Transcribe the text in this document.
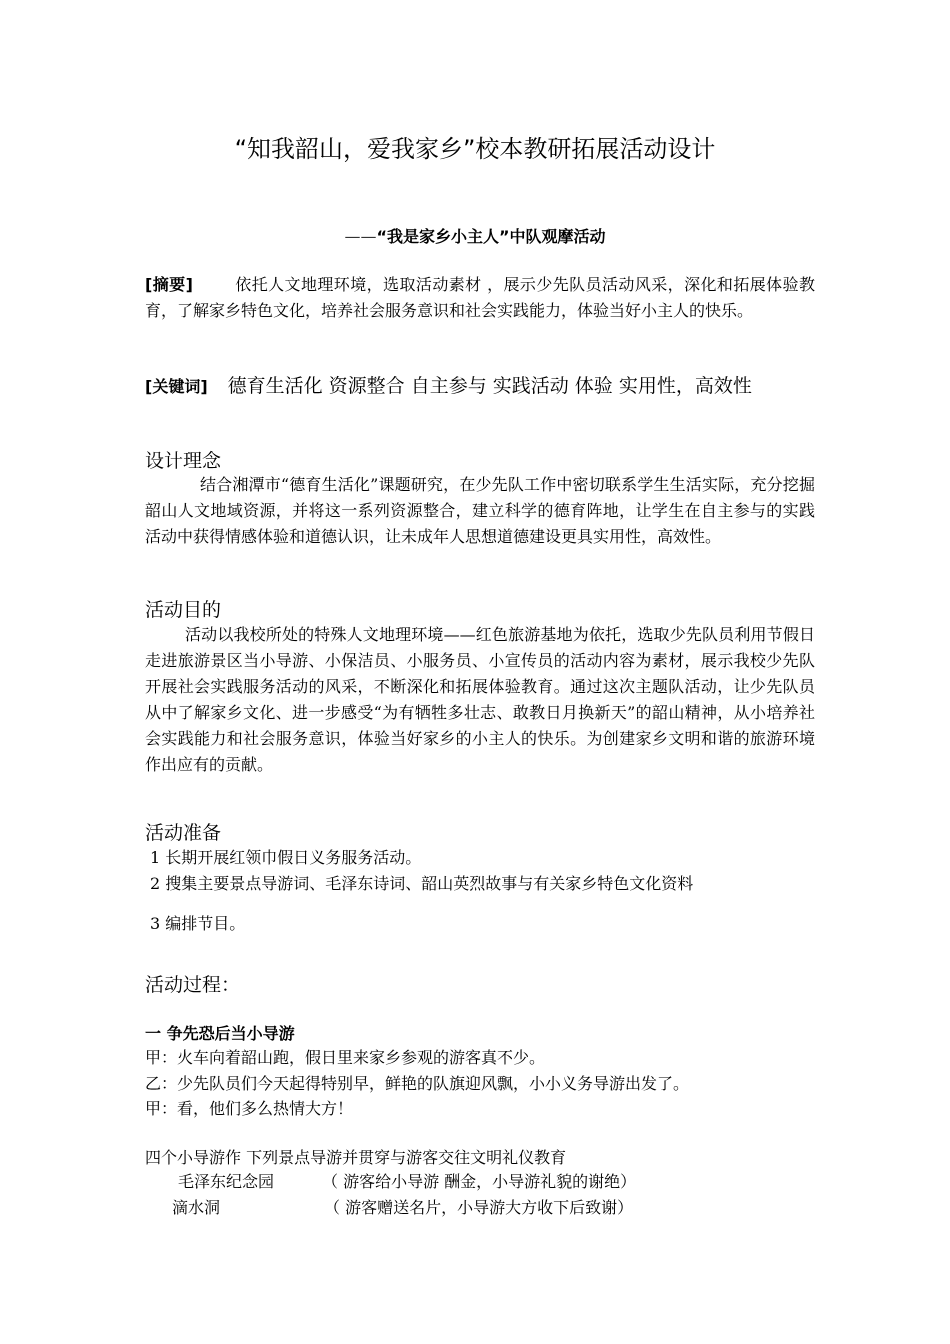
“知我韶山，爱我家乡”校本教研拓展活动设计
——“我是家乡小主人”中队观摩活动

[摘要]	依托人文地理环境，选取活动素材 ，展示少先队员活动风采，深化和拓展体验教育，了解家乡特色文化，培养社会服务意识和社会实践能力，体验当好小主人的快乐。

[关键词] 德育生活化 资源整合 自主参与 实践活动 体验 实用性，高效性

设计理念

结合湘潭市“德育生活化”课题研究，在少先队工作中密切联系学生生活实际，充分挖掘韶山人文地域资源，并将这一系列资源整合，建立科学的德育阵地，让学生在自主参与的实践活动中获得情感体验和道德认识，让未成年人思想道德建设更具实用性，高效性。

活动目的

活动以我校所处的特殊人文地理环境——红色旅游基地为依托，选取少先队员利用节假日走进旅游景区当小导游、小保洁员、小服务员、小宣传员的活动内容为素材，展示我校少先队开展社会实践服务活动的风采，不断深化和拓展体验教育。通过这次主题队活动，让少先队员从中了解家乡文化、进一步感受“为有牺牲多壮志、敢教日月换新天”的韶山精神，从小培养社会实践能力和社会服务意识，体验当好家乡的小主人的快乐。为创建家乡文明和谐的旅游环境作出应有的贡献。

活动准备

1 长期开展红领巾假日义务服务活动。

2 搜集主要景点导游词、毛泽东诗词、韶山英烈故事与有关家乡特色文化资料

3 编排节目。

活动过程：

一 争先恐后当小导游

甲：火车向着韶山跑，假日里来家乡参观的游客真不少。

乙：少先队员们今天起得特别早，鲜艳的队旗迎风飘，小小义务导游出发了。

甲：看，他们多么热情大方！

四个小导游作 下列景点导游并贯穿与游客交往文明礼仪教育

毛泽东纪念园	（ 游客给小导游 酬金，小导游礼貌的谢绝）
滴水洞	（ 游客赠送名片，小导游大方收下后致谢）
